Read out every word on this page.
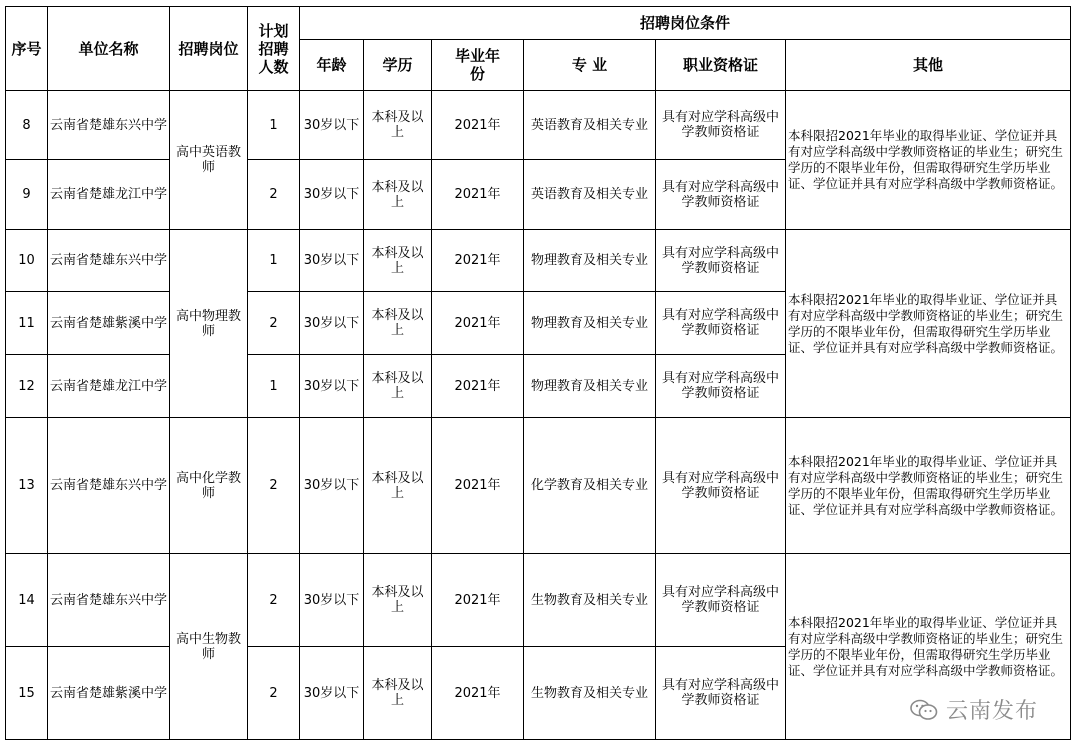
序号	单位名称	招聘岗位	计划招聘人数	招聘岗位条件					
				年龄	学历	毕业年份	专 业	职业资格证	其他
8	云南省楚雄东兴中学	高中英语教师	1	30岁以下	本科及以上	2021年	英语教育及相关专业	具有对应学科高级中学教师资格证	本科限招2021年毕业的取得毕业证、学位证并具有对应学科高级中学教师资格证的毕业生；研究生学历的不限毕业年份，但需取得研究生学历毕业证、学位证并具有对应学科高级中学教师资格证。
9	云南省楚雄龙江中学		2	30岁以下	本科及以上	2021年	英语教育及相关专业	具有对应学科高级中学教师资格证	
10	云南省楚雄东兴中学	高中物理教师	1	30岁以下	本科及以上	2021年	物理教育及相关专业	具有对应学科高级中学教师资格证	本科限招2021年毕业的取得毕业证、学位证并具有对应学科高级中学教师资格证的毕业生；研究生学历的不限毕业年份，但需取得研究生学历毕业证、学位证并具有对应学科高级中学教师资格证。
11	云南省楚雄紫溪中学		2	30岁以下	本科及以上	2021年	物理教育及相关专业	具有对应学科高级中学教师资格证	
12	云南省楚雄龙江中学		1	30岁以下	本科及以上	2021年	物理教育及相关专业	具有对应学科高级中学教师资格证	
13	云南省楚雄东兴中学	高中化学教师	2	30岁以下	本科及以上	2021年	化学教育及相关专业	具有对应学科高级中学教师资格证	本科限招2021年毕业的取得毕业证、学位证并具有对应学科高级中学教师资格证的毕业生；研究生学历的不限毕业年份，但需取得研究生学历毕业证、学位证并具有对应学科高级中学教师资格证。
14	云南省楚雄东兴中学	高中生物教师	2	30岁以下	本科及以上	2021年	生物教育及相关专业	具有对应学科高级中学教师资格证	本科限招2021年毕业的取得毕业证、学位证并具有对应学科高级中学教师资格证的毕业生；研究生学历的不限毕业年份，但需取得研究生学历毕业证、学位证并具有对应学科高级中学教师资格证。
15	云南省楚雄紫溪中学		2	30岁以下	本科及以上	2021年	生物教育及相关专业	具有对应学科高级中学教师资格证		云南发布
